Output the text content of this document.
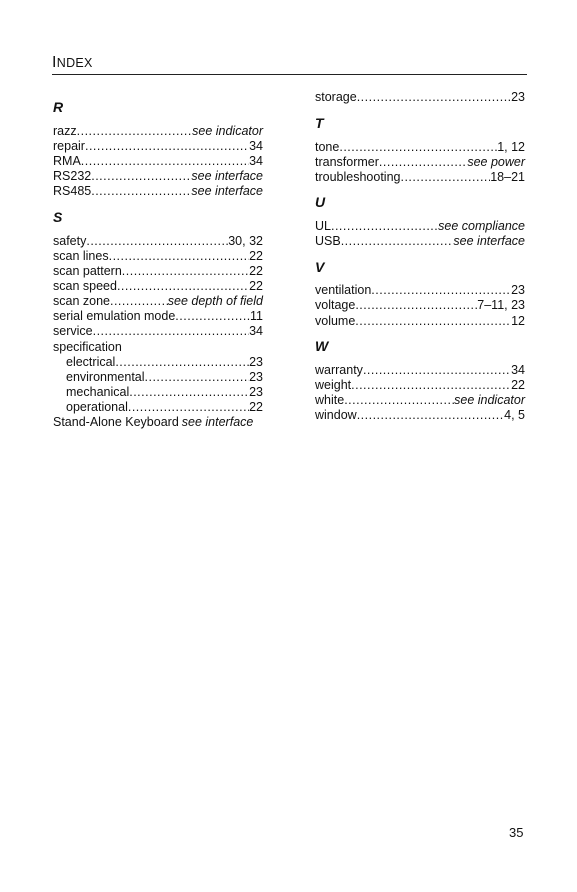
INDEX
R
razz .....	see indicator
repair .....	34
RMA .....	34
RS232 .....	see interface
RS485 .....	see interface
S
safety .....	30, 32
scan lines .....	22
scan pattern .....	22
scan speed .....	22
scan zone .....	see depth of field
serial emulation mode .....	11
service .....	34
specification
electrical .....	23
environmental .....	23
mechanical .....	23
operational .....	22
Stand-Alone Keyboard see interface
storage .....	23
T
tone .....	1, 12
transformer .....	see power
troubleshooting .....	18–21
U
UL .....	see compliance
USB .....	see interface
V
ventilation .....	23
voltage .....	7–11, 23
volume .....	12
W
warranty .....	34
weight .....	22
white .....	see indicator
window .....	4, 5
35
